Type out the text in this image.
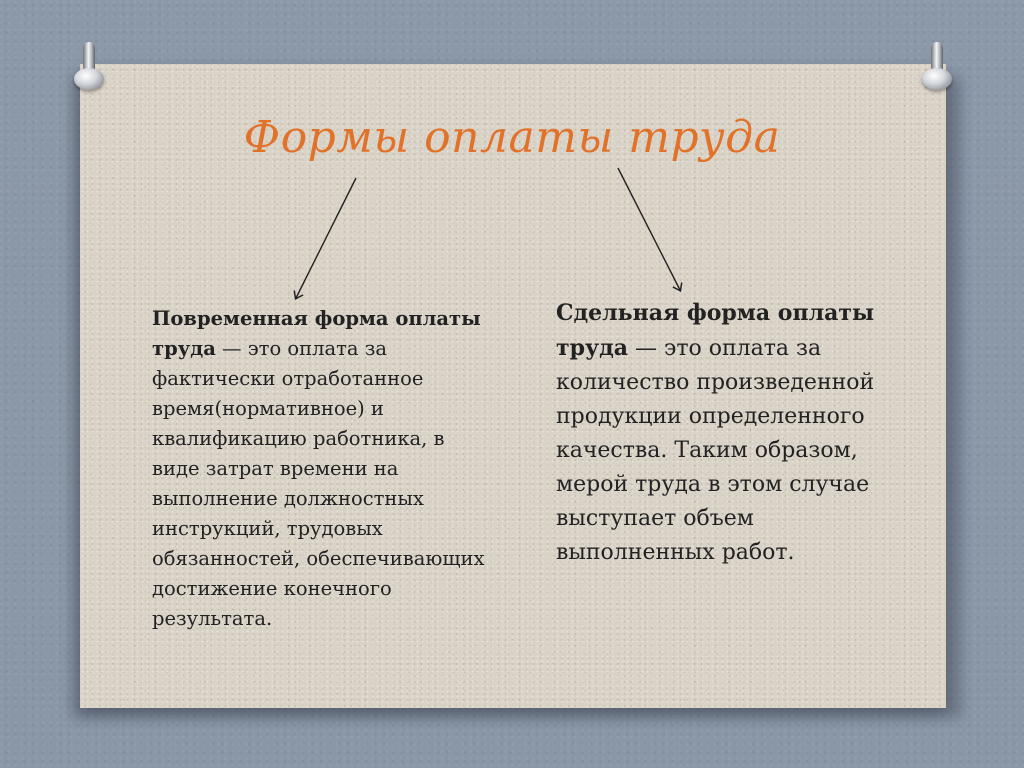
Формы оплаты труда
Повременная форма оплаты труда — это оплата за фактически отработанное время(нормативное) и квалификацию работника, в виде затрат времени на выполнение должностных инструкций, трудовых обязанностей, обеспечивающих достижение конечного результата.
Сдельная форма оплаты труда — это оплата за количество произведенной продукции определенного качества. Таким образом, мерой труда в этом случае выступает объем выполненных работ.
